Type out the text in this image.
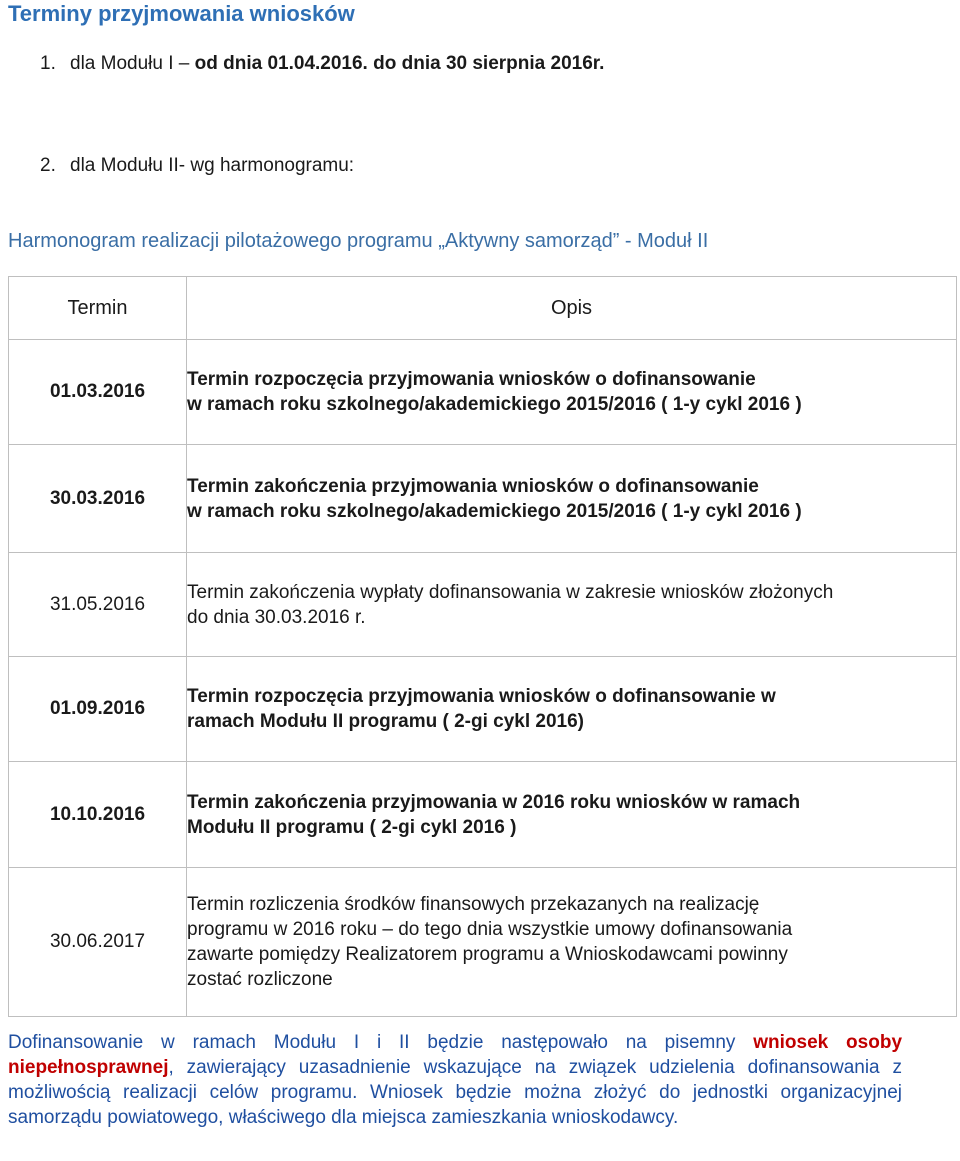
Terminy przyjmowania wniosków
1. dla Modułu I – od dnia 01.04.2016. do dnia 30 sierpnia 2016r.
2. dla Modułu II- wg harmonogramu:
Harmonogram realizacji pilotażowego programu „Aktywny samorząd” - Moduł II
Termin	Opis
01.03.2016	Termin rozpoczęcia przyjmowania wniosków o dofinansowanie
w ramach roku szkolnego/akademickiego 2015/2016 ( 1-y cykl 2016 )

30.03.2016	Termin zakończenia przyjmowania wniosków o dofinansowanie
w ramach roku szkolnego/akademickiego 2015/2016 ( 1-y cykl 2016 )

31.05.2016	Termin zakończenia wypłaty dofinansowania w zakresie wniosków złożonych
do dnia 30.03.2016 r.

01.09.2016	Termin rozpoczęcia przyjmowania wniosków o dofinansowanie w
ramach Modułu II programu ( 2-gi cykl 2016)

10.10.2016	Termin zakończenia przyjmowania w 2016 roku wniosków w ramach
Modułu II programu ( 2-gi cykl 2016 )

30.06.2017	Termin rozliczenia środków finansowych przekazanych na realizację
programu w 2016 roku – do tego dnia wszystkie umowy dofinansowania
zawarte pomiędzy Realizatorem programu a Wnioskodawcami powinny
zostać rozliczone
Dofinansowanie w ramach Modułu I i II będzie następowało na pisemny wniosek osoby niepełnosprawnej, zawierający uzasadnienie wskazujące na związek udzielenia dofinansowania z możliwością realizacji celów programu. Wniosek będzie można złożyć do jednostki organizacyjnej samorządu powiatowego, właściwego dla miejsca zamieszkania wnioskodawcy.
